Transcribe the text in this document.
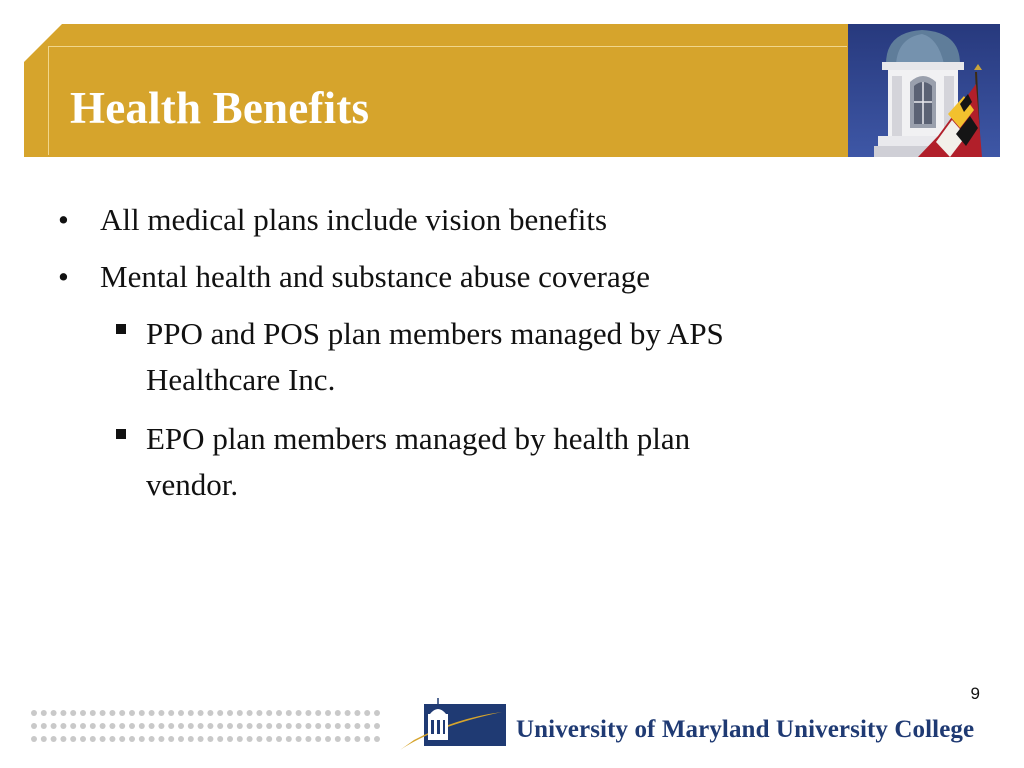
Health Benefits
• All medical plans include vision benefits
• Mental health and substance abuse coverage
PPO and POS plan members managed by APS
Healthcare Inc.
EPO plan members managed by health plan
vendor.
9
University of Maryland University College
